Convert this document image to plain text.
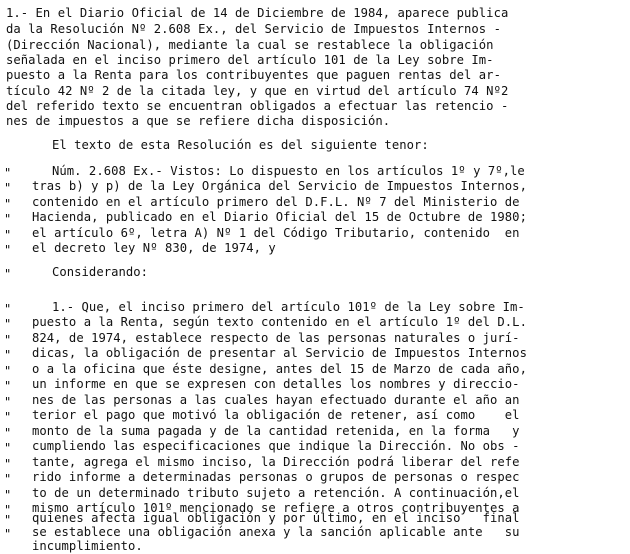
1.- En el Diario Oficial de 14 de Diciembre de 1984, aparece publica
da la Resolución Nº 2.608 Ex., del Servicio de Impuestos Internos -
(Dirección Nacional), mediante la cual se restablece la obligación
señalada en el inciso primero del artículo 101 de la Ley sobre Im-
puesto a la Renta para los contribuyentes que paguen rentas del ar-
tículo 42 Nº 2 de la citada ley, y que en virtud del artículo 74 Nº2
del referido texto se encuentran obligados a efectuar las retencio -
nes de impuestos a que se refiere dicha disposición.
El texto de esta Resolución es del siguiente tenor:
"	Núm. 2.608 Ex.- Vistos: Lo dispuesto en los artículos 1º y 7º,le
" tras b) y p) de la Ley Orgánica del Servicio de Impuestos Internos,
" contenido en el artículo primero del D.F.L. Nº 7 del Ministerio de
" Hacienda, publicado en el Diario Oficial del 15 de Octubre de 1980;
" el artículo 6º, letra A) Nº 1 del Código Tributario, contenido  en
" el decreto ley Nº 830, de 1974, y
"	Considerando:
"	1.- Que, el inciso primero del artículo 101º de la Ley sobre Im-
" puesto a la Renta, según texto contenido en el artículo 1º del D.L.
" 824, de 1974, establece respecto de las personas naturales o jurí-
" dicas, la obligación de presentar al Servicio de Impuestos Internos
" o a la oficina que éste designe, antes del 15 de Marzo de cada año,
" un informe en que se expresen con detalles los nombres y direccio-
" nes de las personas a las cuales hayan efectuado durante el año an
" terior el pago que motivó la obligación de retener, así como    el
" monto de la suma pagada y de la cantidad retenida, en la forma   y
" cumpliendo las especificaciones que indique la Dirección. No obs -
" tante, agrega el mismo inciso, la Dirección podrá liberar del refe
" rido informe a determinadas personas o grupos de personas o respec
" to de un determinado tributo sujeto a retención. A continuación,el
" mismo artículo 101º mencionado se refiere a otros contribuyentes a
" quienes afecta igual obligación y por último, en el inciso   final
" se establece una obligación anexa y la sanción aplicable ante   su
incumplimiento.
